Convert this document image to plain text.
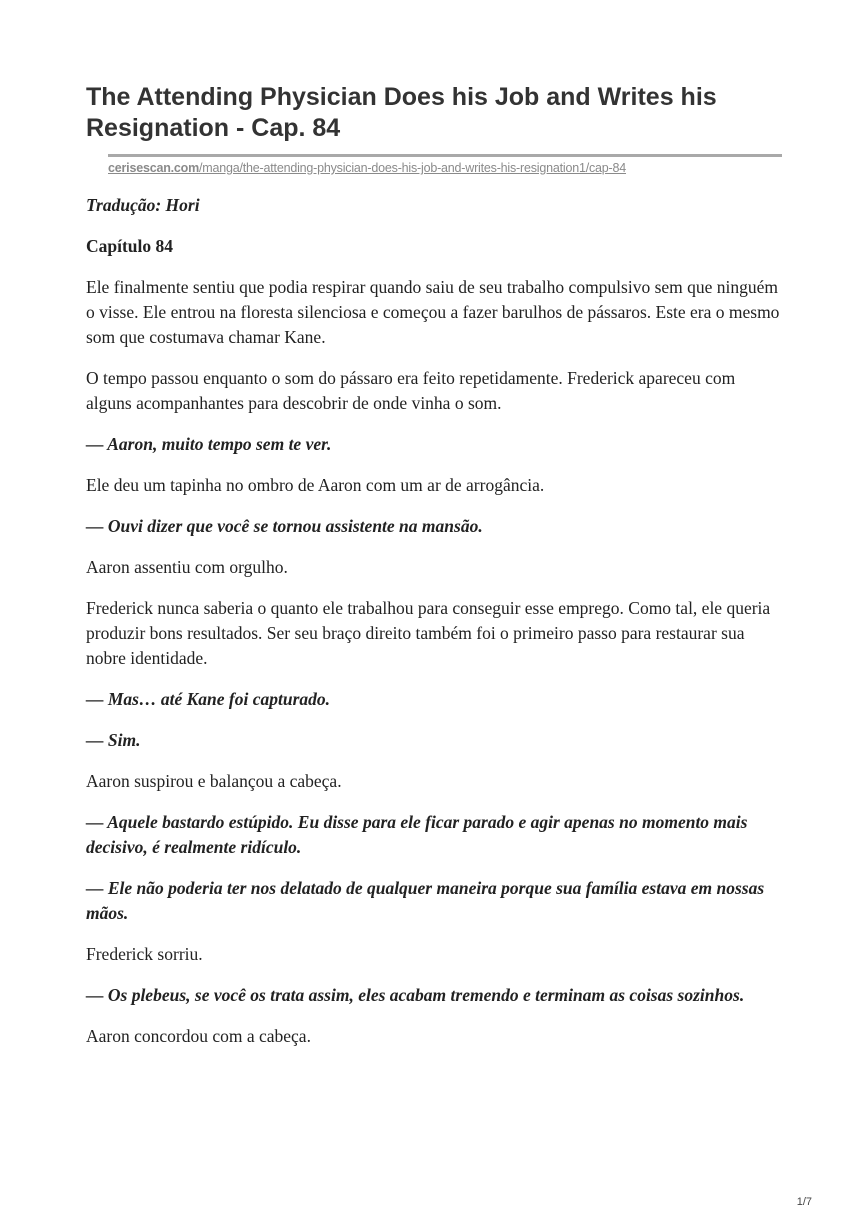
The Attending Physician Does his Job and Writes his Resignation - Cap. 84
cerisescan.com/manga/the-attending-physician-does-his-job-and-writes-his-resignation1/cap-84

Tradução: Hori

Capítulo 84

Ele finalmente sentiu que podia respirar quando saiu de seu trabalho compulsivo sem que ninguém o visse. Ele entrou na floresta silenciosa e começou a fazer barulhos de pássaros. Este era o mesmo som que costumava chamar Kane.

O tempo passou enquanto o som do pássaro era feito repetidamente. Frederick apareceu com alguns acompanhantes para descobrir de onde vinha o som.

— Aaron, muito tempo sem te ver.

Ele deu um tapinha no ombro de Aaron com um ar de arrogância.

— Ouvi dizer que você se tornou assistente na mansão.

Aaron assentiu com orgulho.

Frederick nunca saberia o quanto ele trabalhou para conseguir esse emprego. Como tal, ele queria produzir bons resultados. Ser seu braço direito também foi o primeiro passo para restaurar sua nobre identidade.

— Mas… até Kane foi capturado.

— Sim.

Aaron suspirou e balançou a cabeça.

— Aquele bastardo estúpido. Eu disse para ele ficar parado e agir apenas no momento mais decisivo, é realmente ridículo.

— Ele não poderia ter nos delatado de qualquer maneira porque sua família estava em nossas mãos.

Frederick sorriu.

— Os plebeus, se você os trata assim, eles acabam tremendo e terminam as coisas sozinhos.

Aaron concordou com a cabeça.

1/7
